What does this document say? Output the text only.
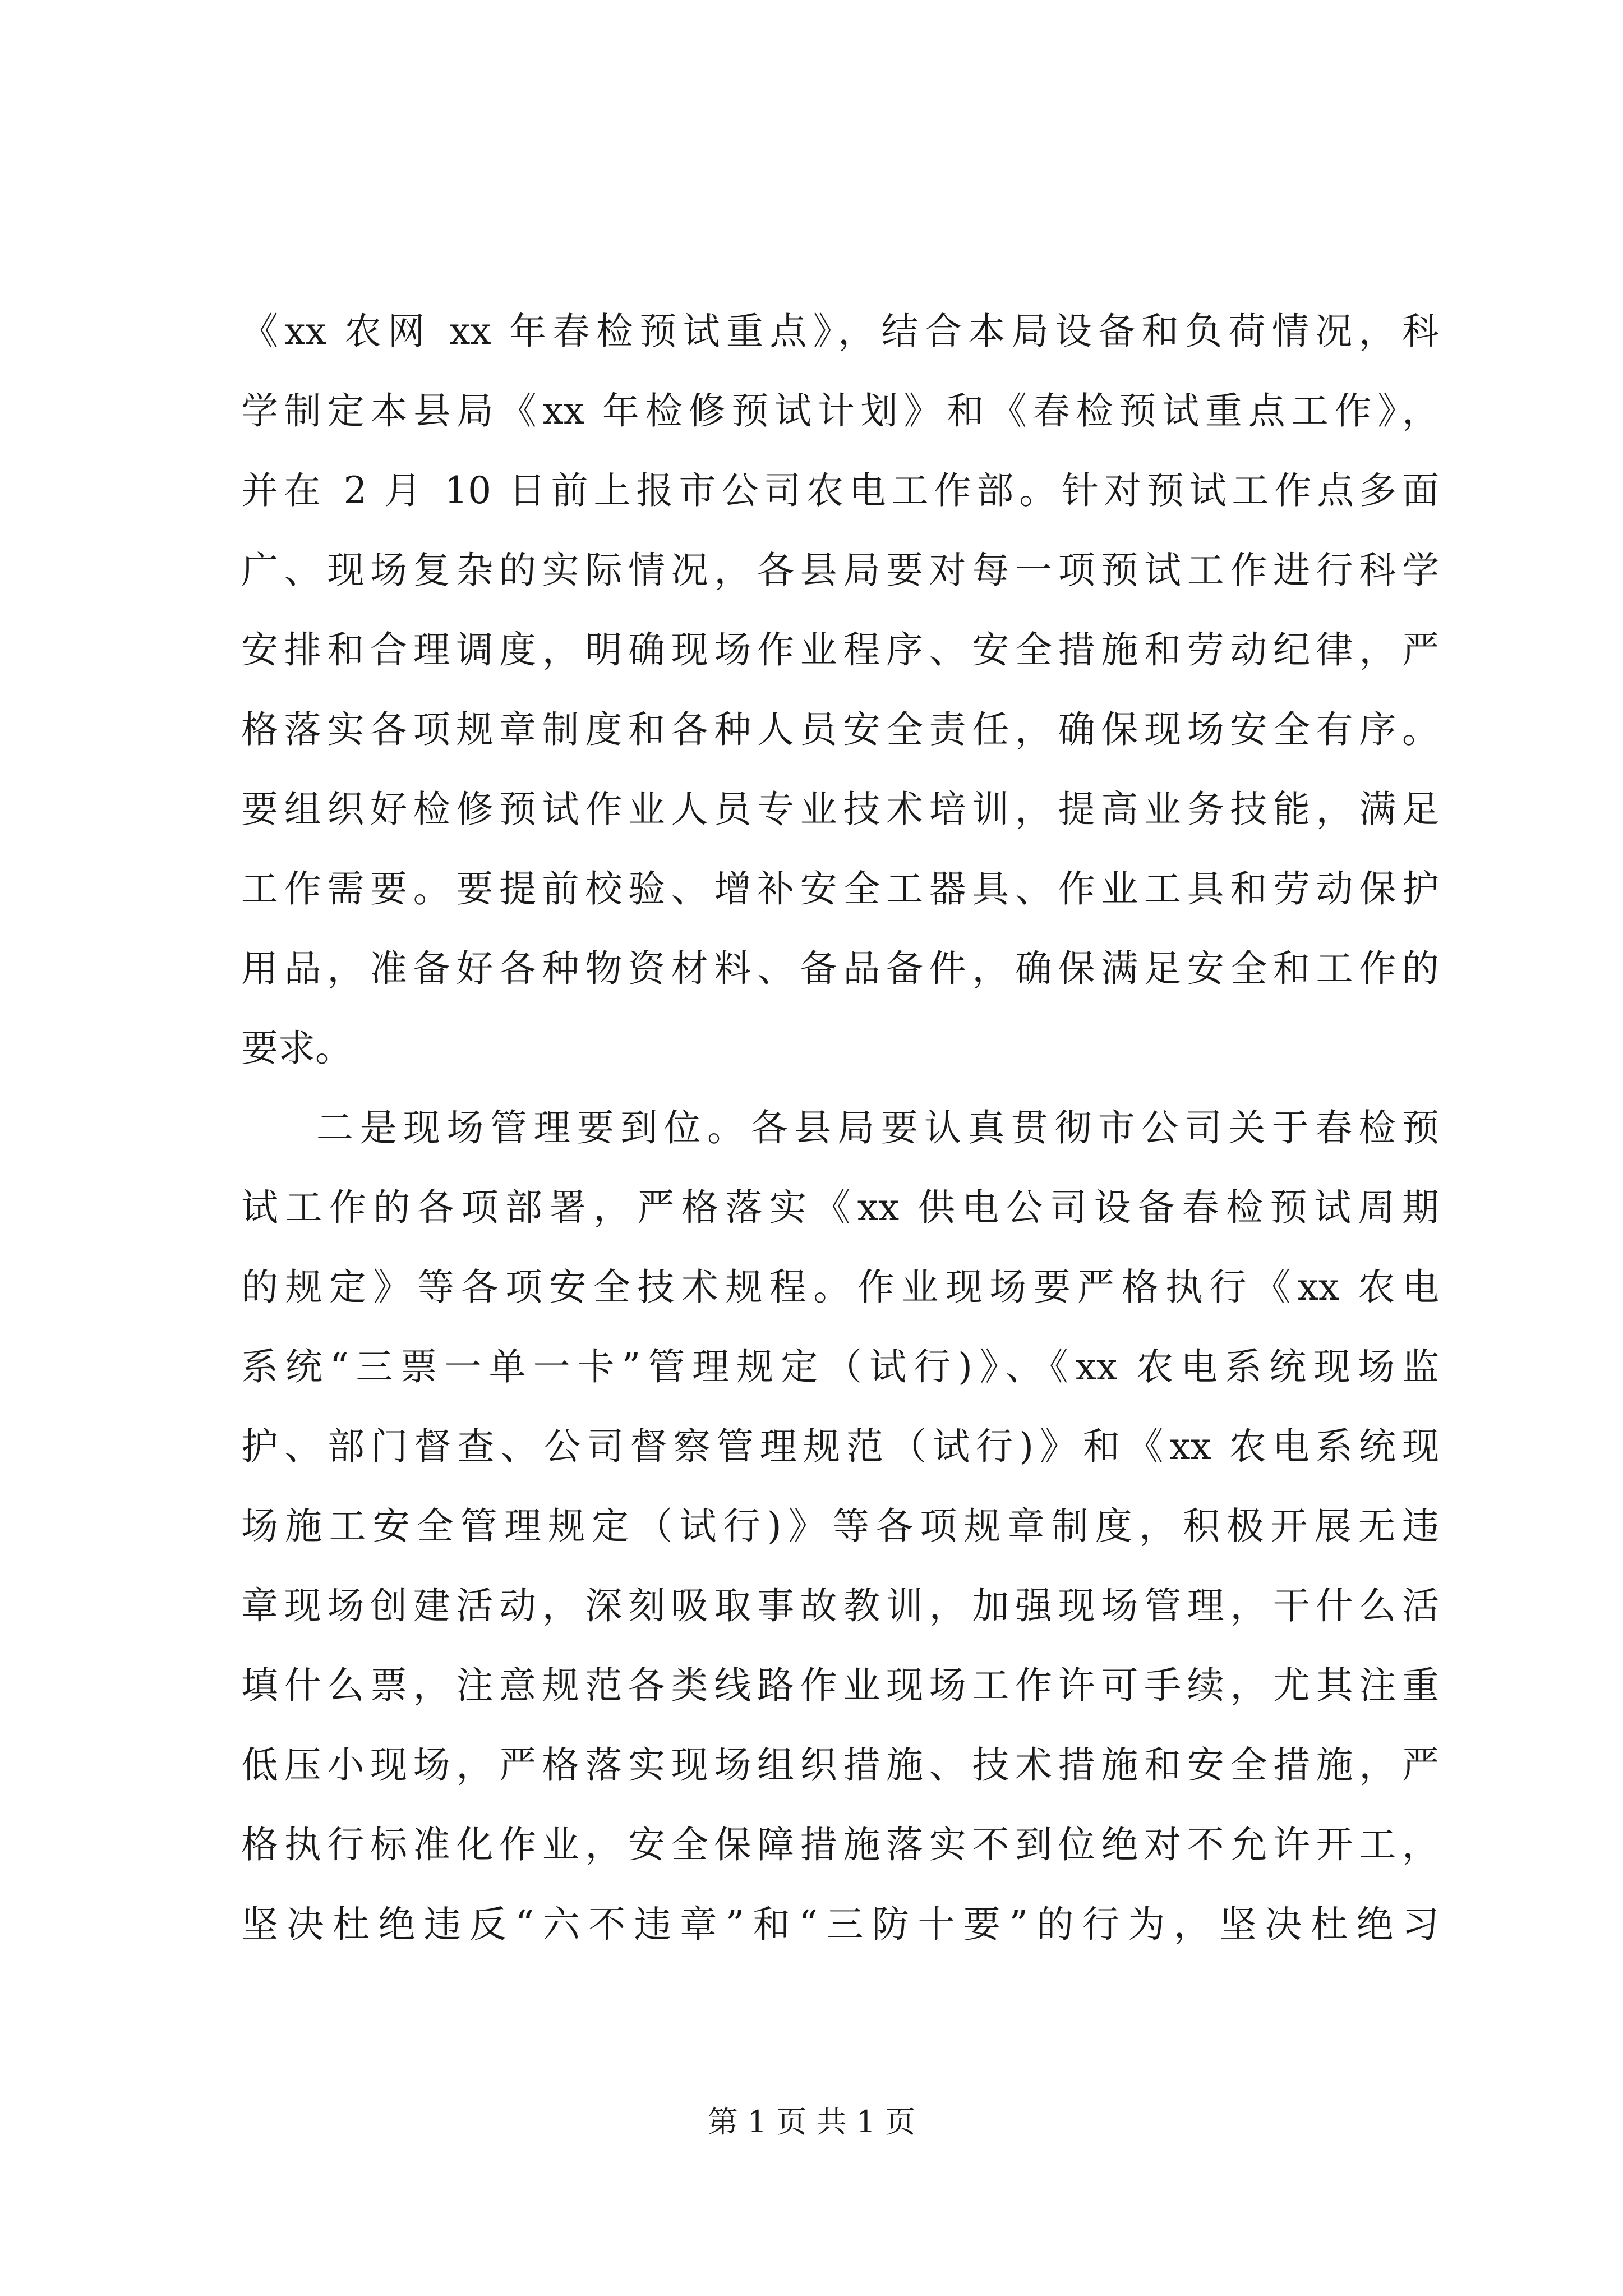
《xx 农网 xx 年春检预试重点》，结合本局设备和负荷情况，科
学制定本县局《xx 年检修预试计划》和《春检预试重点工作》，
并在 2 月 10 日前上报市公司农电工作部。针对预试工作点多面
广、现场复杂的实际情况，各县局要对每一项预试工作进行科学
安排和合理调度，明确现场作业程序、安全措施和劳动纪律，严
格落实各项规章制度和各种人员安全责任，确保现场安全有序。
要组织好检修预试作业人员专业技术培训，提高业务技能，满足
工作需要。要提前校验、增补安全工器具、作业工具和劳动保护
用品，准备好各种物资材料、备品备件，确保满足安全和工作的
要求。
二是现场管理要到位。各县局要认真贯彻市公司关于春检预
试工作的各项部署，严格落实《xx 供电公司设备春检预试周期
的规定》等各项安全技术规程。作业现场要严格执行《xx 农电
系统“三票一单一卡”管理规定（试行)》、《xx 农电系统现场监
护、部门督查、公司督察管理规范（试行)》和《xx 农电系统现
场施工安全管理规定（试行)》等各项规章制度，积极开展无违
章现场创建活动，深刻吸取事故教训，加强现场管理，干什么活
填什么票，注意规范各类线路作业现场工作许可手续，尤其注重
低压小现场，严格落实现场组织措施、技术措施和安全措施，严
格执行标准化作业，安全保障措施落实不到位绝对不允许开工，
坚决杜绝违反“六不违章”和“三防十要”的行为，坚决杜绝习
第 1 页 共 1 页
